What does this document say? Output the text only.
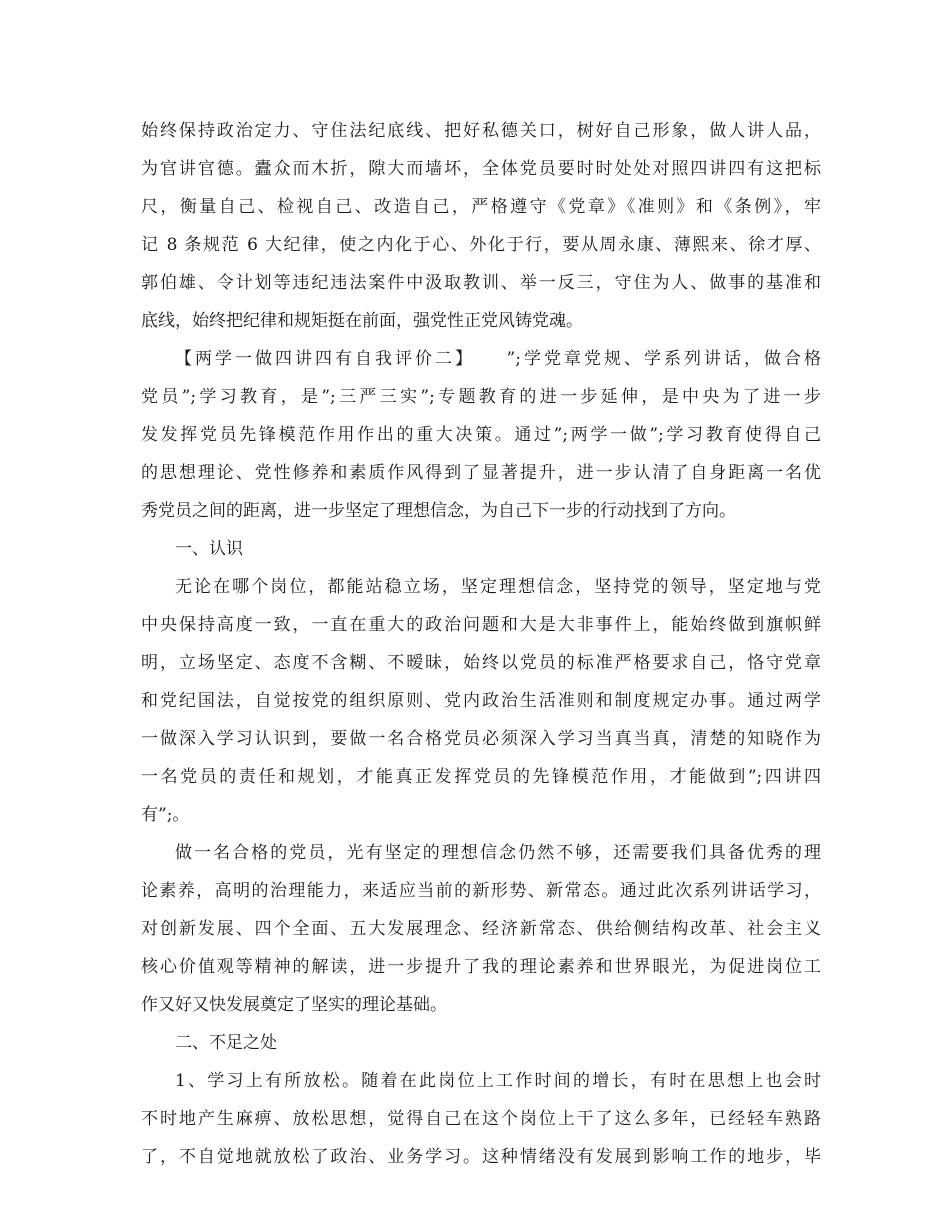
始终保持政治定力、守住法纪底线、把好私德关口，树好自己形象，做人讲人品，
为官讲官德。蠹众而木折，隙大而墙坏，全体党员要时时处处对照四讲四有这把标
尺，衡量自己、检视自己、改造自己，严格遵守《党章》《准则》和《条例》，牢
记 8 条规范 6 大纪律，使之内化于心、外化于行，要从周永康、薄熙来、徐才厚、
郭伯雄、令计划等违纪违法案件中汲取教训、举一反三，守住为人、做事的基准和
底线，始终把纪律和规矩挺在前面，强党性正党风铸党魂。
【两学一做四讲四有自我评价二】　　”;学党章党规、学系列讲话，做合格
党员”;学习教育，是”;三严三实”;专题教育的进一步延伸，是中央为了进一步
发发挥党员先锋模范作用作出的重大决策。通过”;两学一做”;学习教育使得自己
的思想理论、党性修养和素质作风得到了显著提升，进一步认清了自身距离一名优
秀党员之间的距离，进一步坚定了理想信念，为自己下一步的行动找到了方向。
一、认识
无论在哪个岗位，都能站稳立场，坚定理想信念，坚持党的领导，坚定地与党
中央保持高度一致，一直在重大的政治问题和大是大非事件上，能始终做到旗帜鲜
明，立场坚定、态度不含糊、不暧昧，始终以党员的标准严格要求自己，恪守党章
和党纪国法，自觉按党的组织原则、党内政治生活准则和制度规定办事。通过两学
一做深入学习认识到，要做一名合格党员必须深入学习当真当真，清楚的知晓作为
一名党员的责任和规划，才能真正发挥党员的先锋模范作用，才能做到”;四讲四
有”;。
做一名合格的党员，光有坚定的理想信念仍然不够，还需要我们具备优秀的理
论素养，高明的治理能力，来适应当前的新形势、新常态。通过此次系列讲话学习，
对创新发展、四个全面、五大发展理念、经济新常态、供给侧结构改革、社会主义
核心价值观等精神的解读，进一步提升了我的理论素养和世界眼光，为促进岗位工
作又好又快发展奠定了坚实的理论基础。
二、不足之处
1、学习上有所放松。随着在此岗位上工作时间的增长，有时在思想上也会时
不时地产生麻痹、放松思想，觉得自己在这个岗位上干了这么多年，已经轻车熟路
了，不自觉地就放松了政治、业务学习。这种情绪没有发展到影响工作的地步，毕
